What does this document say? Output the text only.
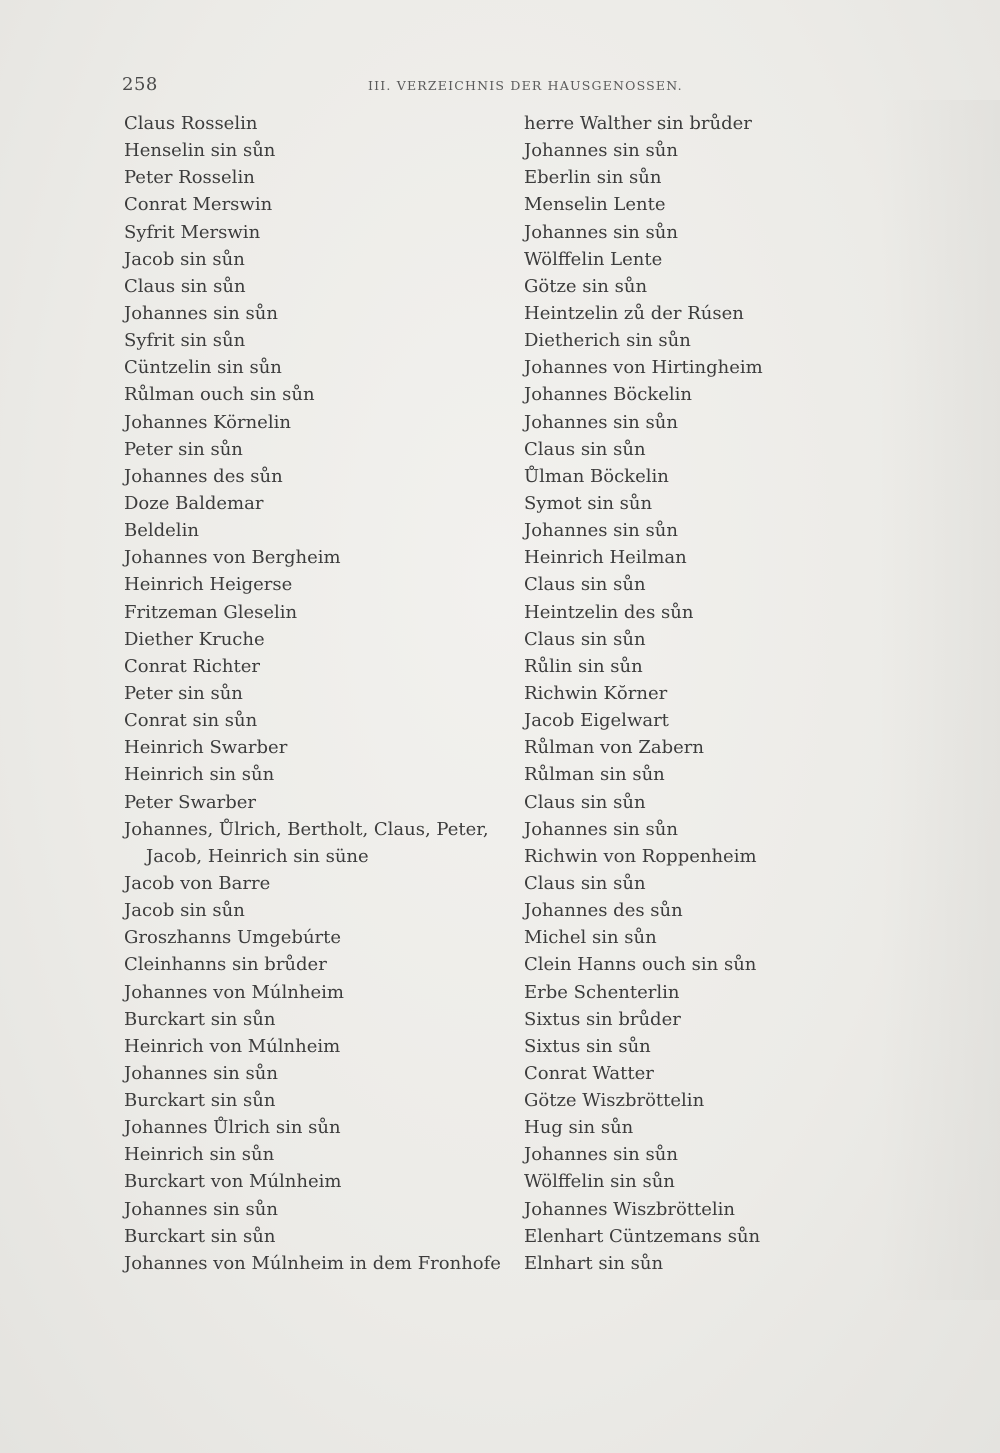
258	III. VERZEICHNIS DER HAUSGENOSSEN.
Claus Rosselin
Henselin sin sůn
Peter Rosselin
Conrat Merswin
Syfrit Merswin
Jacob sin sůn
Claus sin sůn
Johannes sin sůn
Syfrit sin sůn
Cüntzelin sin sůn
Růlman ouch sin sůn
Johannes Körnelin
Peter sin sůn
Johannes des sůn
Doze Baldemar
Beldelin
Johannes von Bergheim
Heinrich Heigerse
Fritzeman Gleselin
Diether Kruche
Conrat Richter
Peter sin sůn
Conrat sin sůn
Heinrich Swarber
Heinrich sin sůn
Peter Swarber
Johannes, Ůlrich, Bertholt, Claus, Peter,
Jacob, Heinrich sin süne
Jacob von Barre
Jacob sin sůn
Groszhanns Umgebúrte
Cleinhanns sin brůder
Johannes von Múlnheim
Burckart sin sůn
Heinrich von Múlnheim
Johannes sin sůn
Burckart sin sůn
Johannes Ůlrich sin sůn
Heinrich sin sůn
Burckart von Múlnheim
Johannes sin sůn
Burckart sin sůn
Johannes von Múlnheim in dem Fronhofe
herre Walther sin brůder
Johannes sin sůn
Eberlin sin sůn
Menselin Lente
Johannes sin sůn
Wölffelin Lente
Götze sin sůn
Heintzelin zů der Rúsen
Dietherich sin sůn
Johannes von Hirtingheim
Johannes Böckelin
Johannes sin sůn
Claus sin sůn
Ůlman Böckelin
Symot sin sůn
Johannes sin sůn
Heinrich Heilman
Claus sin sůn
Heintzelin des sůn
Claus sin sůn
Růlin sin sůn
Richwin Kŏrner
Jacob Eigelwart
Růlman von Zabern
Růlman sin sůn
Claus sin sůn
Johannes sin sůn
Richwin von Roppenheim
Claus sin sůn
Johannes des sůn
Michel sin sůn
Clein Hanns ouch sin sůn
Erbe Schenterlin
Sixtus sin brůder
Sixtus sin sůn
Conrat Watter
Götze Wiszbröttelin
Hug sin sůn
Johannes sin sůn
Wölffelin sin sůn
Johannes Wiszbröttelin
Elenhart Cüntzemans sůn
Elnhart sin sůn
